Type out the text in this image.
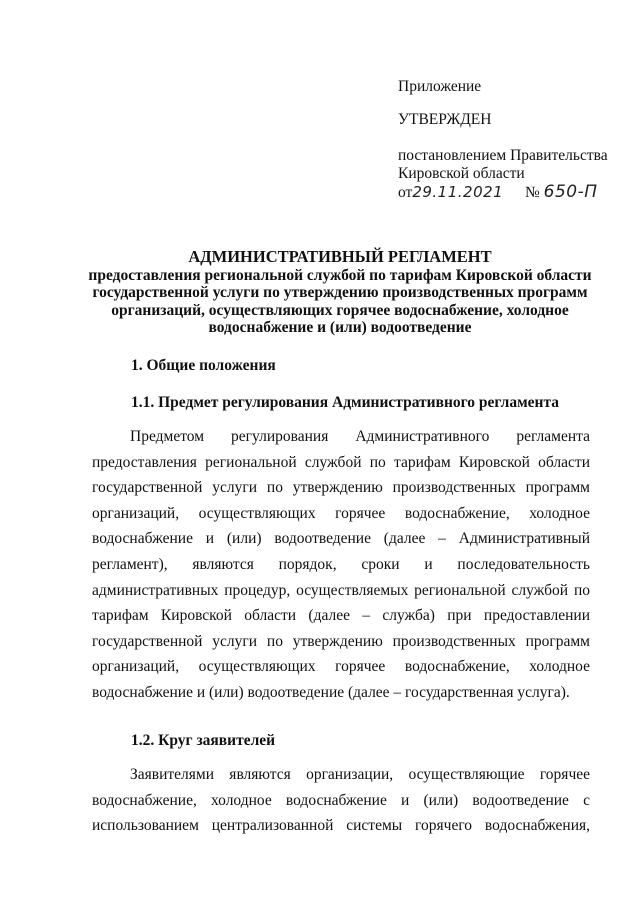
Приложение
УТВЕРЖДЕН
постановлением Правительства
Кировской области
от29.11.2021 № 650-П
АДМИНИСТРАТИВНЫЙ РЕГЛАМЕНТ
предоставления региональной службой по тарифам Кировской области
государственной услуги по утверждению производственных программ
организаций, осуществляющих горячее водоснабжение, холодное
водоснабжение и (или) водоотведение
1. Общие положения
1.1. Предмет регулирования Административного регламента
Предметом регулирования Административного регламента
предоставления региональной службой по тарифам Кировской области
государственной услуги по утверждению производственных программ
организаций, осуществляющих горячее водоснабжение, холодное
водоснабжение и (или) водоотведение (далее – Административный
регламент), являются порядок, сроки и последовательность
административных процедур, осуществляемых региональной службой по
тарифам Кировской области (далее – служба) при предоставлении
государственной услуги по утверждению производственных программ
организаций, осуществляющих горячее водоснабжение, холодное
водоснабжение и (или) водоотведение (далее – государственная услуга).
1.2. Круг заявителей
Заявителями являются организации, осуществляющие горячее
водоснабжение, холодное водоснабжение и (или) водоотведение с
использованием централизованной системы горячего водоснабжения,
